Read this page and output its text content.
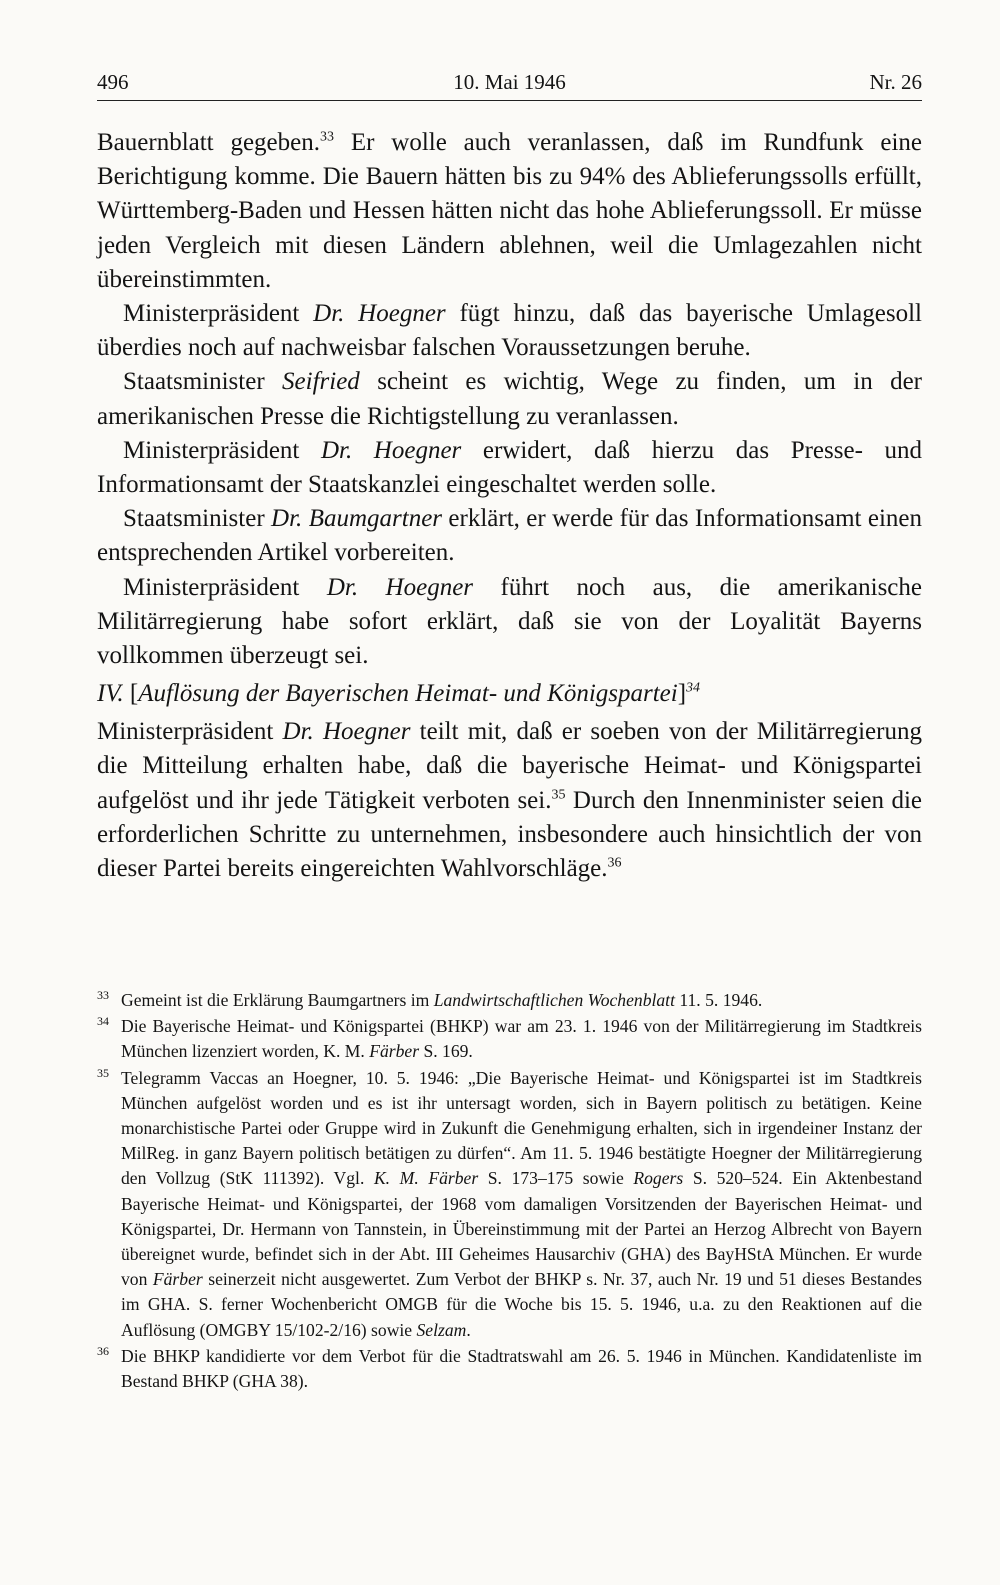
496	10. Mai 1946	Nr. 26

Bauernblatt gegeben.$^{33}$ Er wolle auch veranlassen, daß im Rundfunk eine Berichtigung komme. Die Bauern hätten bis zu 94% des Ablieferungssolls erfüllt, Württemberg-Baden und Hessen hätten nicht das hohe Ablieferungssoll. Er müsse jeden Vergleich mit diesen Ländern ablehnen, weil die Umlagezahlen nicht übereinstimmten.

Ministerpräsident Dr. Hoegner fügt hinzu, daß das bayerische Umlagesoll überdies noch auf nachweisbar falschen Voraussetzungen beruhe.

Staatsminister Seifried scheint es wichtig, Wege zu finden, um in der amerikanischen Presse die Richtigstellung zu veranlassen.

Ministerpräsident Dr. Hoegner erwidert, daß hierzu das Presse- und Informationsamt der Staatskanzlei eingeschaltet werden solle.

Staatsminister Dr. Baumgartner erklärt, er werde für das Informationsamt einen entsprechenden Artikel vorbereiten.

Ministerpräsident Dr. Hoegner führt noch aus, die amerikanische Militärregierung habe sofort erklärt, daß sie von der Loyalität Bayerns vollkommen überzeugt sei.

IV. [Auflösung der Bayerischen Heimat- und Königspartei]$^{34}$

Ministerpräsident Dr. Hoegner teilt mit, daß er soeben von der Militärregierung die Mitteilung erhalten habe, daß die bayerische Heimat- und Königspartei aufgelöst und ihr jede Tätigkeit verboten sei.$^{35}$ Durch den Innenminister seien die erforderlichen Schritte zu unternehmen, insbesondere auch hinsichtlich der von dieser Partei bereits eingereichten Wahlvorschläge.$^{36}$

33 Gemeint ist die Erklärung Baumgartners im Landwirtschaftlichen Wochenblatt 11. 5. 1946.
34 Die Bayerische Heimat- und Königspartei (BHKP) war am 23. 1. 1946 von der Militärregierung im Stadtkreis München lizenziert worden, K. M. Färber S. 169.
35 Telegramm Vaccas an Hoegner, 10. 5. 1946: „Die Bayerische Heimat- und Königspartei ist im Stadtkreis München aufgelöst worden und es ist ihr untersagt worden, sich in Bayern politisch zu betätigen. Keine monarchistische Partei oder Gruppe wird in Zukunft die Genehmigung erhalten, sich in irgendeiner Instanz der MilReg. in ganz Bayern politisch betätigen zu dürfen“. Am 11. 5. 1946 bestätigte Hoegner der Militärregierung den Vollzug (StK 111392). Vgl. K. M. Färber S. 173–175 sowie Rogers S. 520–524. Ein Aktenbestand Bayerische Heimat- und Königspartei, der 1968 vom damaligen Vorsitzenden der Bayerischen Heimat- und Königspartei, Dr. Hermann von Tannstein, in Übereinstimmung mit der Partei an Herzog Albrecht von Bayern übereignet wurde, befindet sich in der Abt. III Geheimes Hausarchiv (GHA) des BayHStA München. Er wurde von Färber seinerzeit nicht ausgewertet. Zum Verbot der BHKP s. Nr. 37, auch Nr. 19 und 51 dieses Bestandes im GHA. S. ferner Wochenbericht OMGB für die Woche bis 15. 5. 1946, u.a. zu den Reaktionen auf die Auflösung (OMGBY 15/102-2/16) sowie Selzam.
36 Die BHKP kandidierte vor dem Verbot für die Stadtratswahl am 26. 5. 1946 in München. Kandidatenliste im Bestand BHKP (GHA 38).
